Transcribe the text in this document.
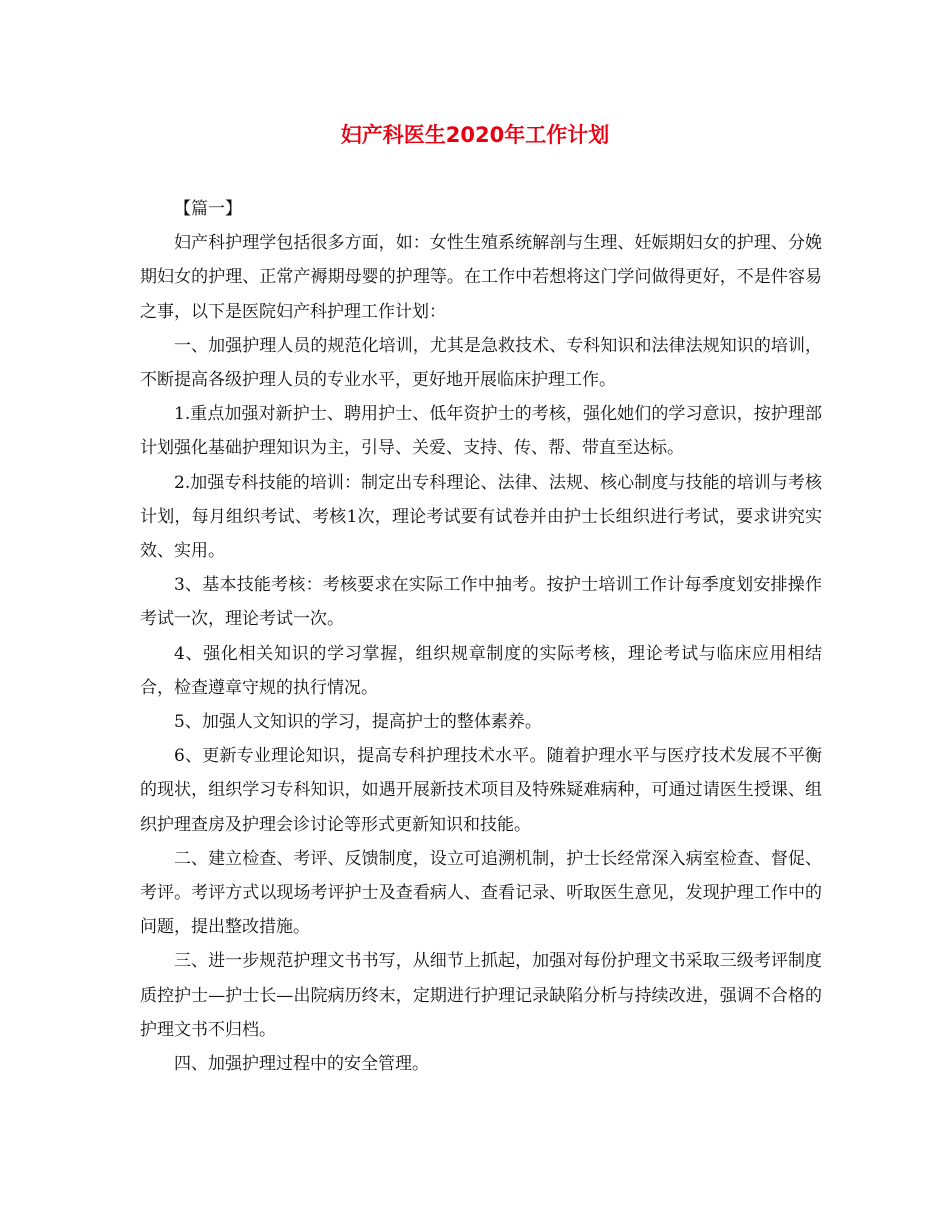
妇产科医生2020年工作计划

【篇一】

妇产科护理学包括很多方面，如：女性生殖系统解剖与生理、妊娠期妇女的护理、分娩期妇女的护理、正常产褥期母婴的护理等。在工作中若想将这门学问做得更好，不是件容易之事，以下是医院妇产科护理工作计划：

一、加强护理人员的规范化培训，尤其是急救技术、专科知识和法律法规知识的培训，不断提高各级护理人员的专业水平，更好地开展临床护理工作。

1.重点加强对新护士、聘用护士、低年资护士的考核，强化她们的学习意识，按护理部计划强化基础护理知识为主，引导、关爱、支持、传、帮、带直至达标。

2.加强专科技能的培训：制定出专科理论、法律、法规、核心制度与技能的培训与考核计划，每月组织考试、考核1次，理论考试要有试卷并由护士长组织进行考试，要求讲究实效、实用。

3、基本技能考核：考核要求在实际工作中抽考。按护士培训工作计每季度划安排操作考试一次，理论考试一次。

4、强化相关知识的学习掌握，组织规章制度的实际考核，理论考试与临床应用相结合，检查遵章守规的执行情况。

5、加强人文知识的学习，提高护士的整体素养。

6、更新专业理论知识，提高专科护理技术水平。随着护理水平与医疗技术发展不平衡的现状，组织学习专科知识，如遇开展新技术项目及特殊疑难病种，可通过请医生授课、组织护理查房及护理会诊讨论等形式更新知识和技能。

二、建立检查、考评、反馈制度，设立可追溯机制，护士长经常深入病室检查、督促、考评。考评方式以现场考评护士及查看病人、查看记录、听取医生意见，发现护理工作中的问题，提出整改措施。

三、进一步规范护理文书书写，从细节上抓起，加强对每份护理文书采取三级考评制度质控护士—护士长—出院病历终末，定期进行护理记录缺陷分析与持续改进，强调不合格的护理文书不归档。

四、加强护理过程中的安全管理。
